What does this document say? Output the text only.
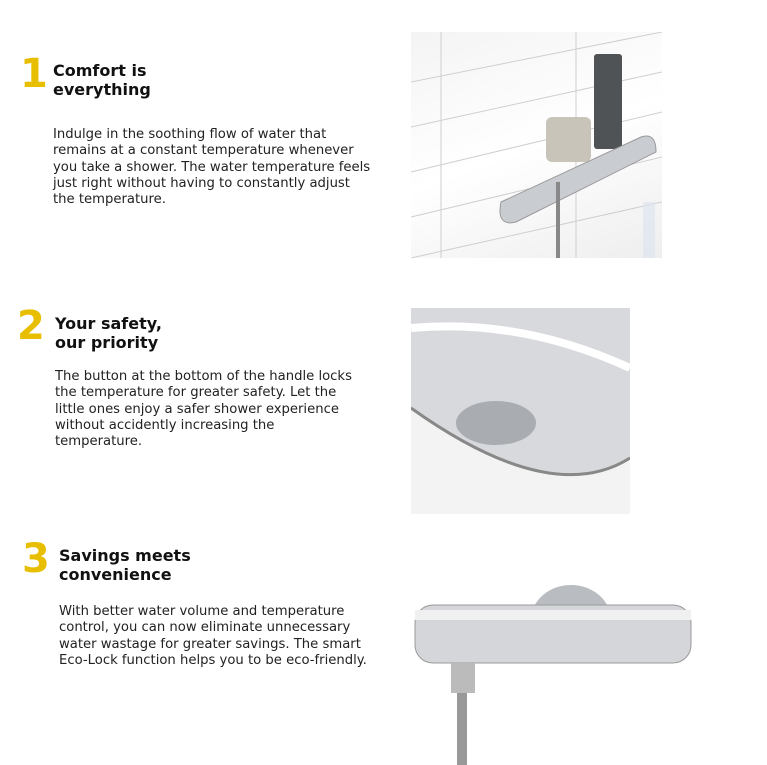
1 Comfort is
everything
Indulge in the soothing flow of water that remains at a constant temperature whenever you take a shower. The water temperature feels just right without having to constantly adjust the temperature.
2 Your safety,
our priority
The button at the bottom of the handle locks the temperature for greater safety. Let the little ones enjoy a safer shower experience without accidently increasing the temperature.
3 Savings meets
convenience
With better water volume and temperature control, you can now eliminate unnecessary water wastage for greater savings. The smart Eco-Lock function helps you to be eco-friendly.
